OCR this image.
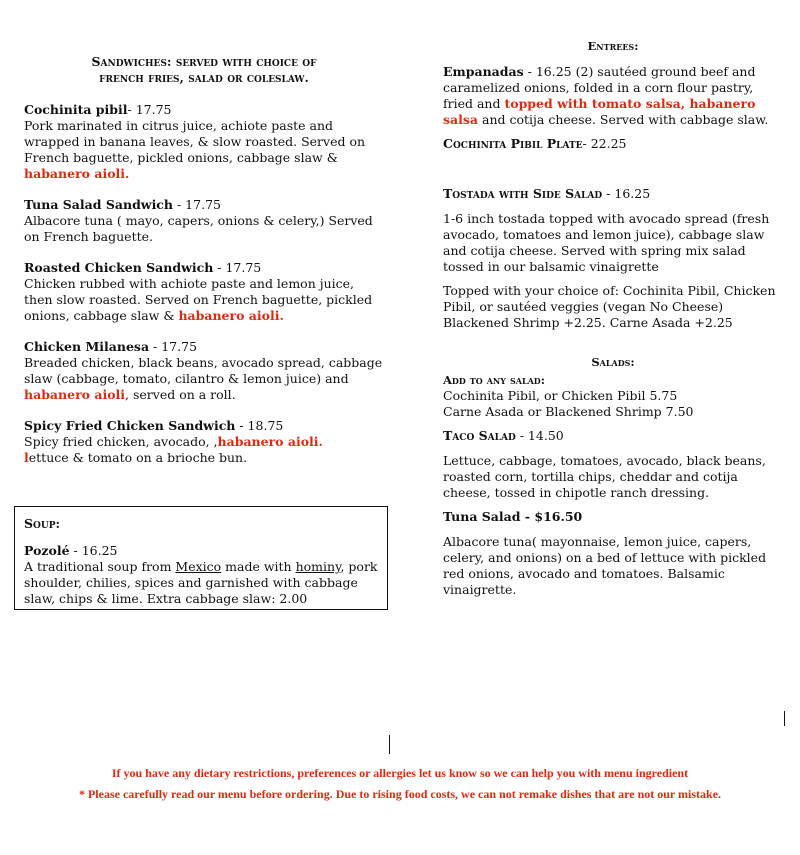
Sandwiches: served with choice of
french fries, salad or coleslaw.
Cochinita pibil- 17.75

Pork marinated in citrus juice, achiote paste and wrapped in banana leaves, & slow roasted. Served on French baguette, pickled onions, cabbage slaw & habanero aioli.

Tuna Salad Sandwich - 17.75

Albacore tuna ( mayo, capers, onions & celery,) Served on French baguette.

Roasted Chicken Sandwich - 17.75

Chicken rubbed with achiote paste and lemon juice, then slow roasted. Served on French baguette, pickled onions, cabbage slaw & habanero aioli.

Chicken Milanesa - 17.75

Breaded chicken, black beans, avocado spread, cabbage slaw (cabbage, tomato, cilantro & lemon juice) and habanero aioli, served on a roll.

Spicy Fried Chicken Sandwich - 18.75

Spicy fried chicken, avocado, ,habanero aioli.
lettuce & tomato on a brioche bun.

Soup:
Pozolé - 16.25

A traditional soup from Mexico made with hominy, pork shoulder, chilies, spices and garnished with cabbage slaw, chips & lime. Extra cabbage slaw: 2.00

Entrees:

Empanadas - 16.25 (2) sautéed ground beef and caramelized onions, folded in a corn flour pastry, fried and topped with tomato salsa, habanero salsa and cotija cheese. Served with cabbage slaw.

Cochinita Pibil Plate- 22.25
Tostada with Side Salad - 16.25

1-6 inch tostada topped with avocado spread (fresh avocado, tomatoes and lemon juice), cabbage slaw and cotija cheese. Served with spring mix salad tossed in our balsamic vinaigrette

Topped with your choice of: Cochinita Pibil, Chicken Pibil, or sautéed veggies (vegan No Cheese) Blackened Shrimp +2.25. Carne Asada +2.25

Salads:
Add to any salad:
Cochinita Pibil, or Chicken Pibil 5.75
Carne Asada or Blackened Shrimp 7.50
Taco Salad - 14.50

Lettuce, cabbage, tomatoes, avocado, black beans, roasted corn, tortilla chips, cheddar and cotija cheese, tossed in chipotle ranch dressing.

Tuna Salad - $16.50

Albacore tuna( mayonnaise, lemon juice, capers, celery, and onions) on a bed of lettuce with pickled red onions, avocado and tomatoes. Balsamic vinaigrette.

If you have any dietary restrictions, preferences or allergies let us know so we can help you with menu ingredient
* Please carefully read our menu before ordering. Due to rising food costs, we can not remake dishes that are not our mistake.
